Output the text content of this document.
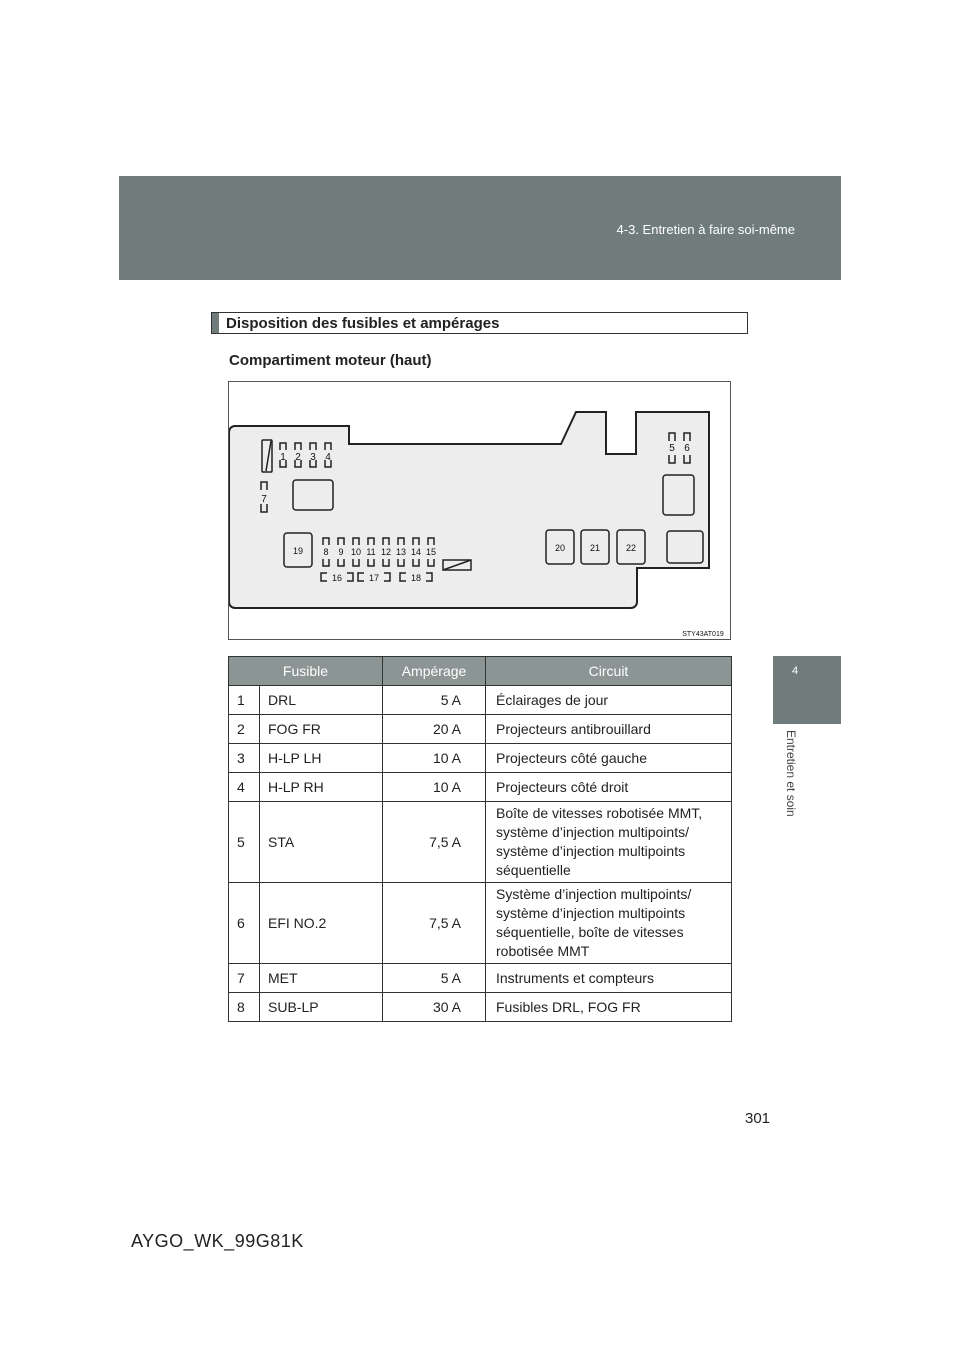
4-3. Entretien à faire soi-même
4
Entretien et soin
Disposition des fusibles et ampérages
Compartiment moteur (haut)
1 2 3 4
5 6
7
8 9 10 11 12 13 14 15
16	17	18
19	20	21	22
STY43AT019
Fusible		Ampérage	Circuit
1	DRL	5 A	Éclairages de jour

2	FOG FR	20 A	Projecteurs antibrouillard

3	H-LP LH	10 A	Projecteurs côté gauche

4	H-LP RH	10 A	Projecteurs côté droit

5	STA	7,5 A	Boîte de vitesses robotisée MMT,
système d’injection multipoints/
système d’injection multipoints
séquentielle

6	EFI NO.2	7,5 A	Système d’injection multipoints/
système d’injection multipoints
séquentielle, boîte de vitesses
robotisée MMT

7	MET	5 A	Instruments et compteurs

8	SUB-LP	30 A	Fusibles DRL, FOG FR
301
AYGO_WK_99G81K
